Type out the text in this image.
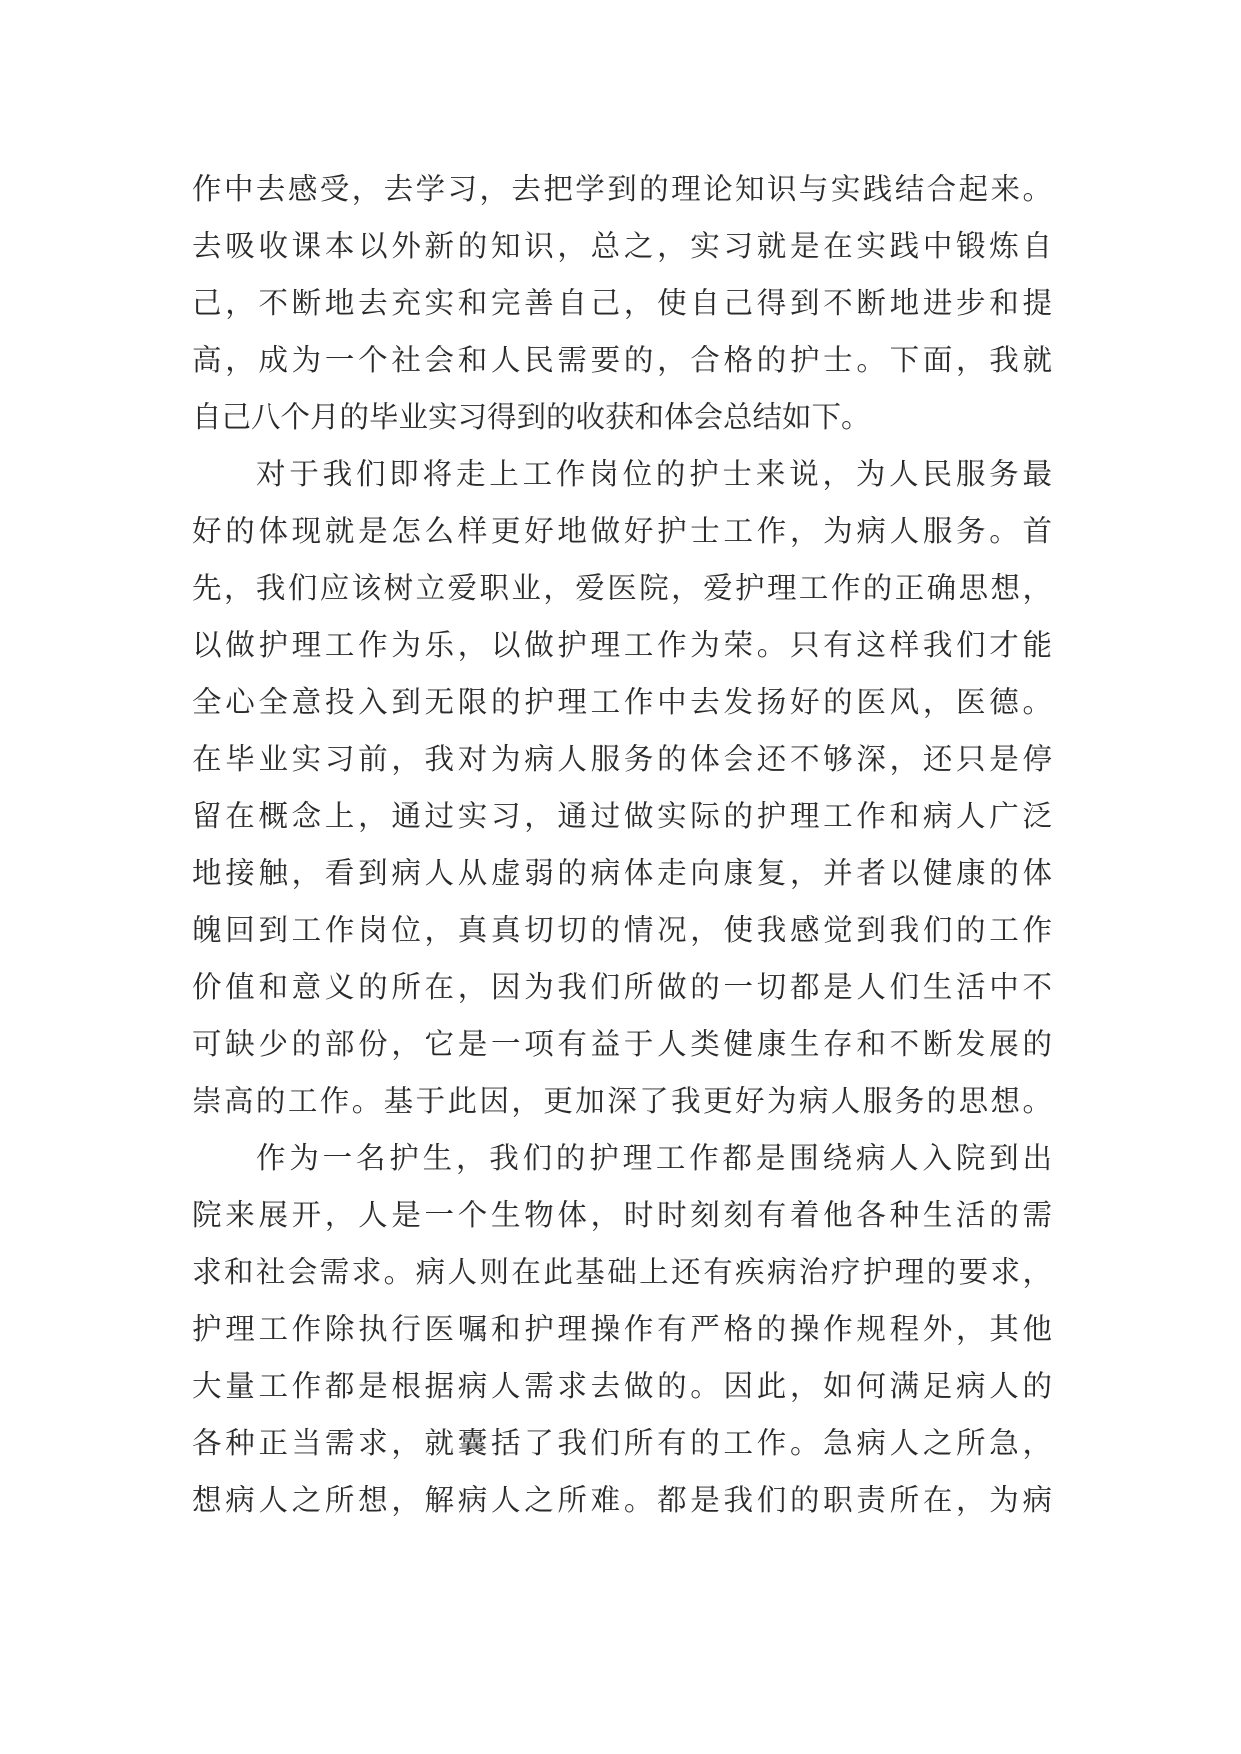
作中去感受，去学习，去把学到的理论知识与实践结合起来。
去吸收课本以外新的知识，总之，实习就是在实践中锻炼自
己，不断地去充实和完善自己，使自己得到不断地进步和提
高，成为一个社会和人民需要的，合格的护士。下面，我就
自己八个月的毕业实习得到的收获和体会总结如下。
对于我们即将走上工作岗位的护士来说，为人民服务最
好的体现就是怎么样更好地做好护士工作，为病人服务。首
先，我们应该树立爱职业，爱医院，爱护理工作的正确思想，
以做护理工作为乐，以做护理工作为荣。只有这样我们才能
全心全意投入到无限的护理工作中去发扬好的医风，医德。
在毕业实习前，我对为病人服务的体会还不够深，还只是停
留在概念上，通过实习，通过做实际的护理工作和病人广泛
地接触，看到病人从虚弱的病体走向康复，并者以健康的体
魄回到工作岗位，真真切切的情况，使我感觉到我们的工作
价值和意义的所在，因为我们所做的一切都是人们生活中不
可缺少的部份，它是一项有益于人类健康生存和不断发展的
崇高的工作。基于此因，更加深了我更好为病人服务的思想。
作为一名护生，我们的护理工作都是围绕病人入院到出
院来展开，人是一个生物体，时时刻刻有着他各种生活的需
求和社会需求。病人则在此基础上还有疾病治疗护理的要求，
护理工作除执行医嘱和护理操作有严格的操作规程外，其他
大量工作都是根据病人需求去做的。因此，如何满足病人的
各种正当需求，就囊括了我们所有的工作。急病人之所急，
想病人之所想，解病人之所难。都是我们的职责所在，为病
